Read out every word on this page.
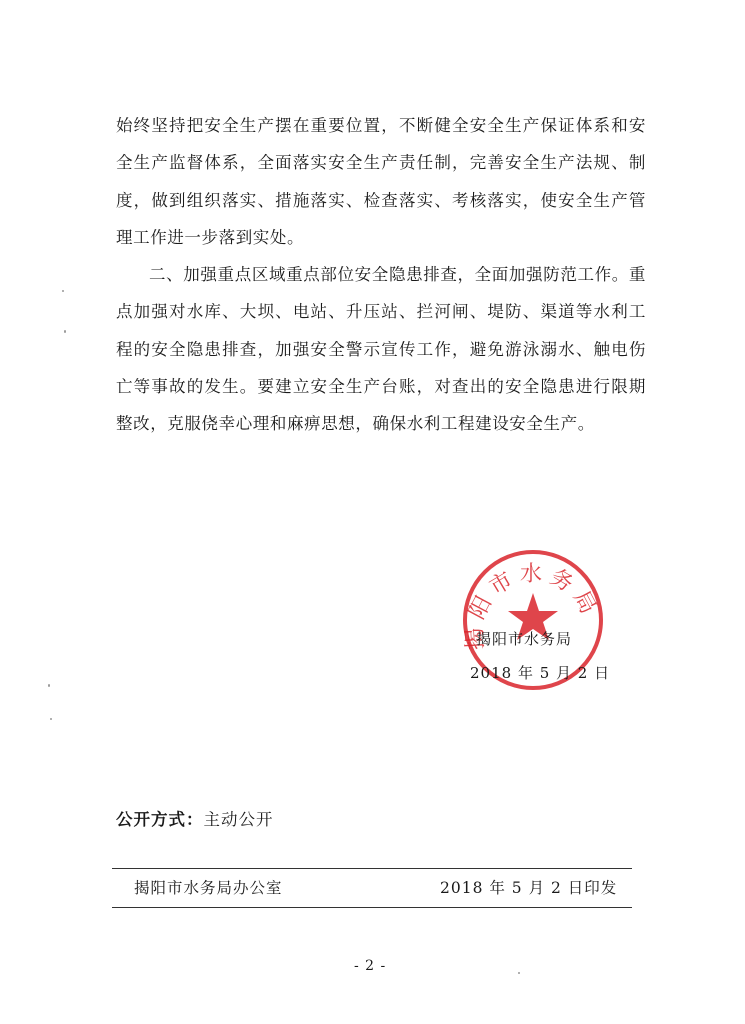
始终坚持把安全生产摆在重要位置，不断健全安全生产保证体系和安全生产监督体系，全面落实安全生产责任制，完善安全生产法规、制度，做到组织落实、措施落实、检查落实、考核落实，使安全生产管理工作进一步落到实处。

二、加强重点区域重点部位安全隐患排查，全面加强防范工作。重点加强对水库、大坝、电站、升压站、拦河闸、堤防、渠道等水利工程的安全隐患排查，加强安全警示宣传工作，避免游泳溺水、触电伤亡等事故的发生。要建立安全生产台账，对查出的安全隐患进行限期整改，克服侥幸心理和麻痹思想，确保水利工程建设安全生产。

揭阳市水务局
揭阳市水务局
2018 年 5 月 2 日
公开方式：主动公开
揭阳市水务局办公室	2018 年 5 月 2 日印发
- 2 -
